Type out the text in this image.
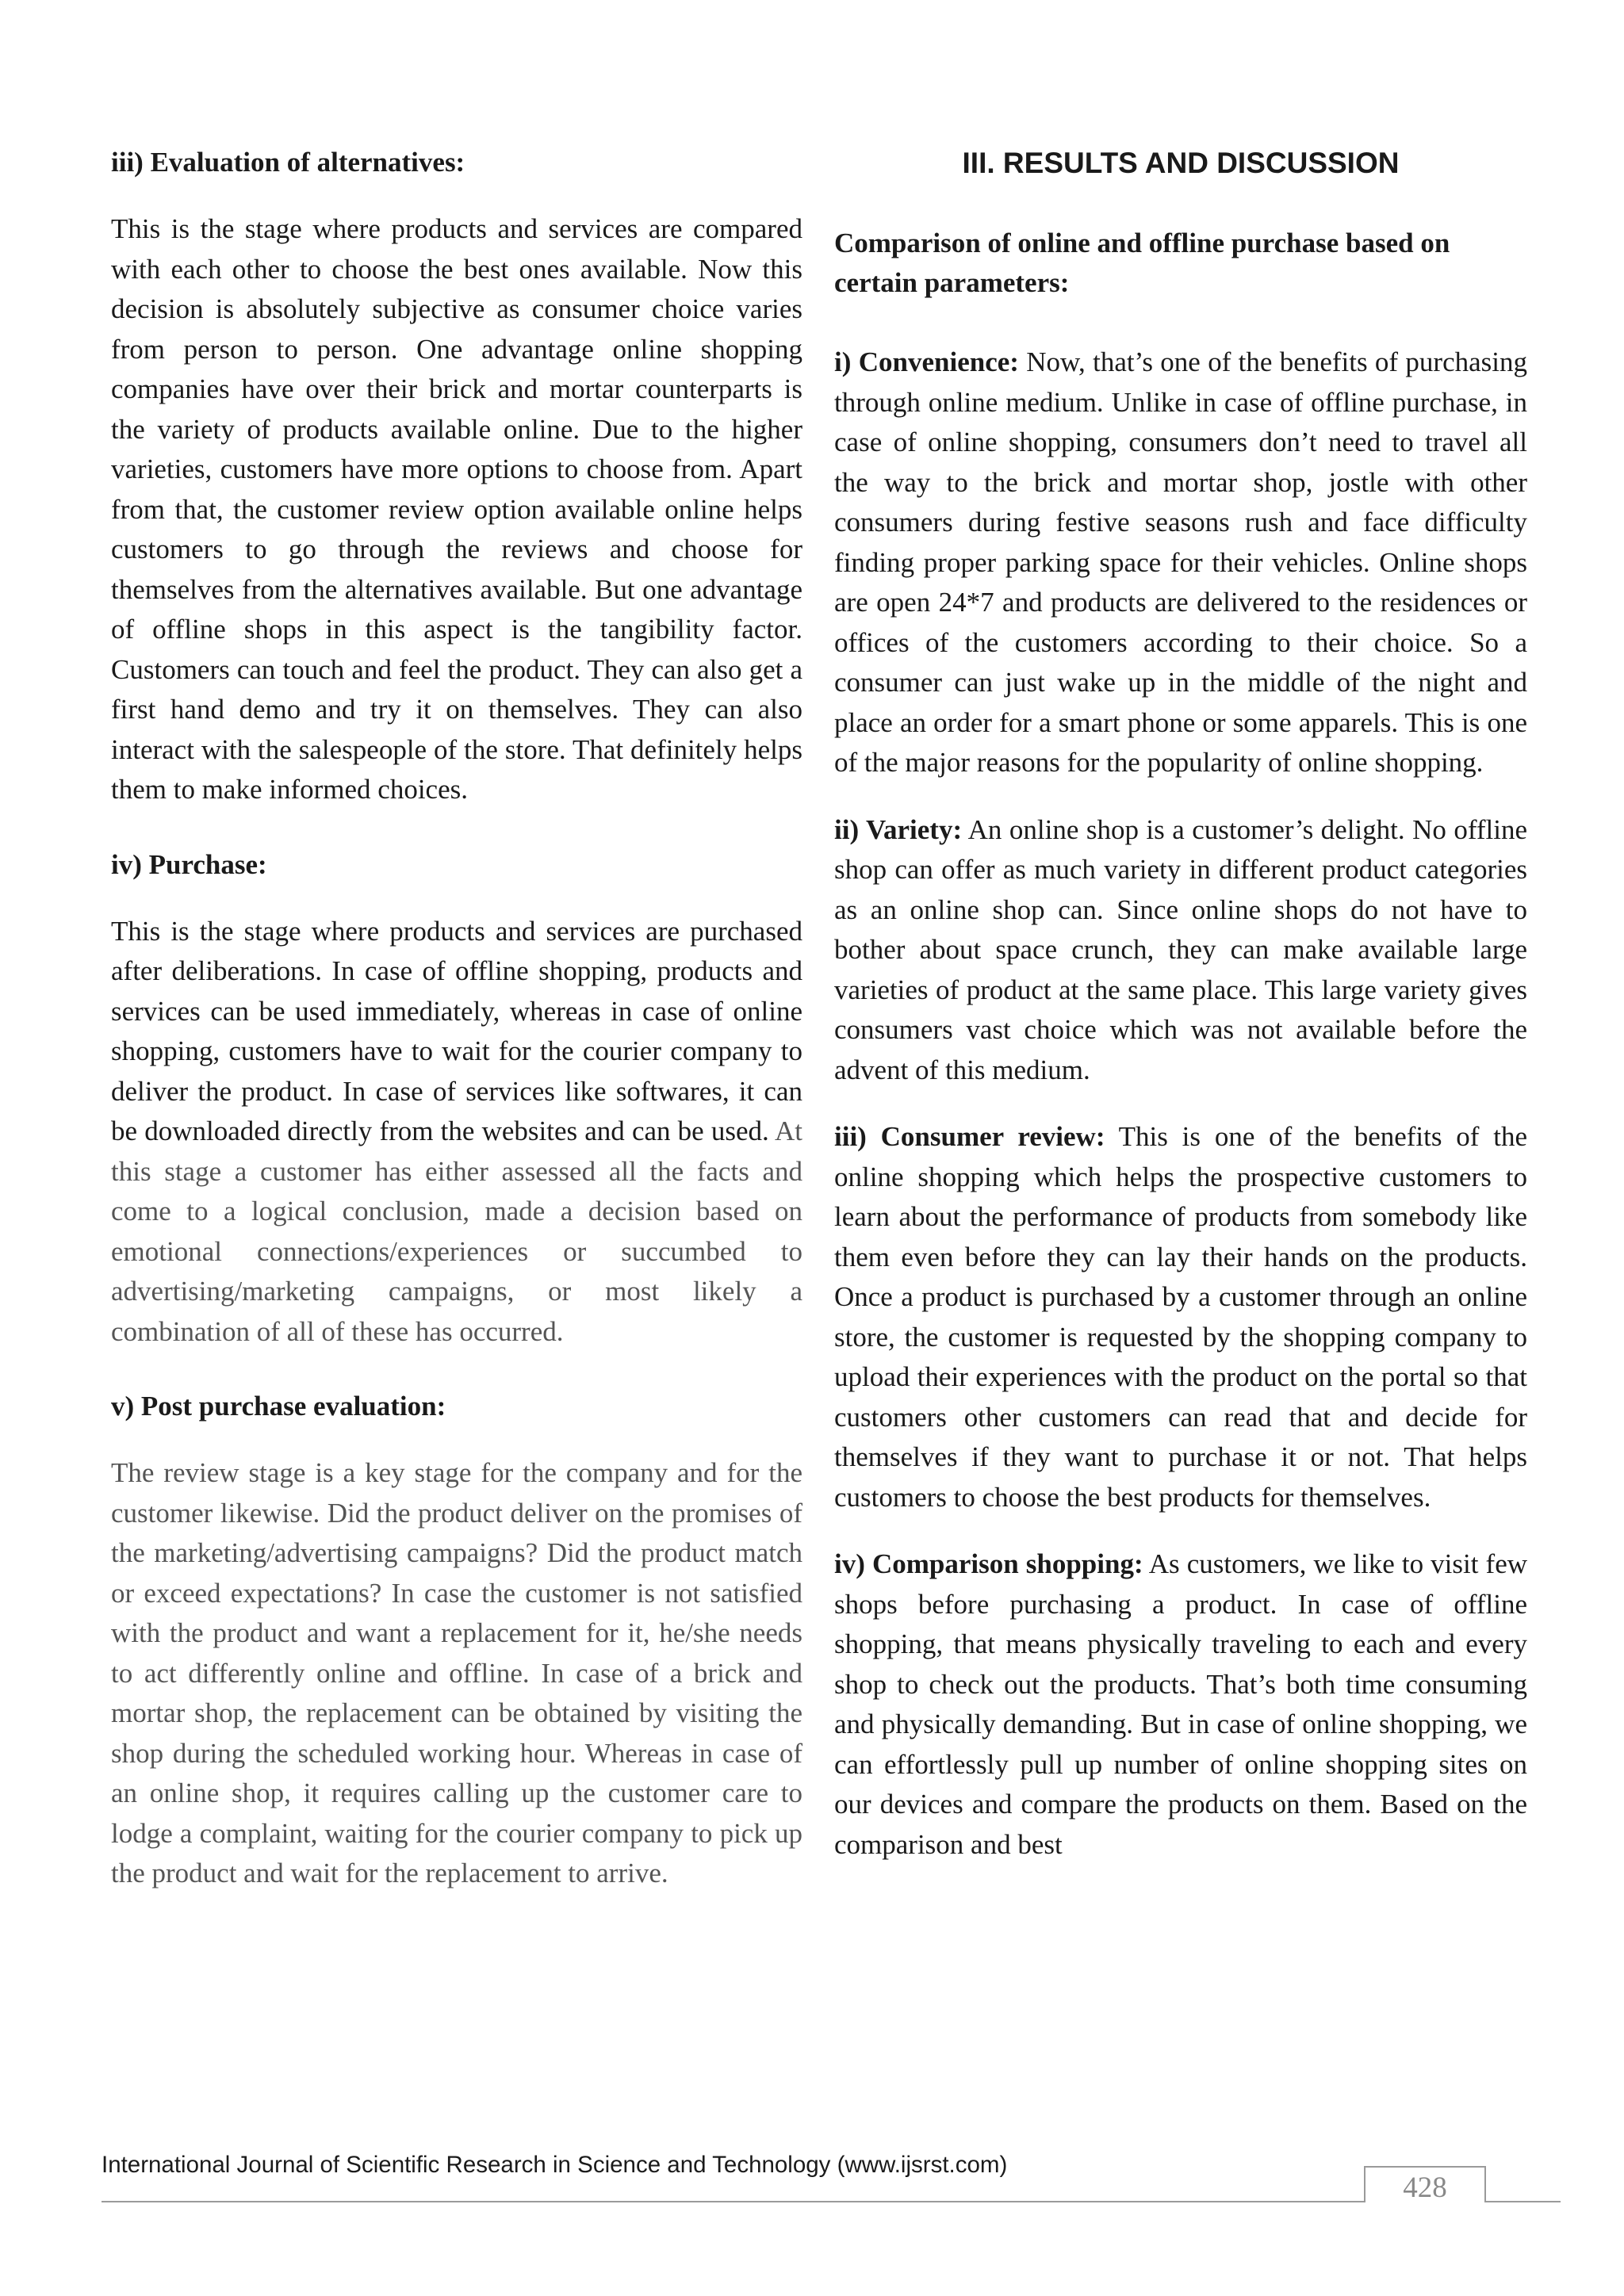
iii) Evaluation of alternatives:

This is the stage where products and services are compared with each other to choose the best ones available. Now this decision is absolutely subjective as consumer choice varies from person to person. One advantage online shopping companies have over their brick and mortar counterparts is the variety of products available online. Due to the higher varieties, customers have more options to choose from. Apart from that, the customer review option available online helps customers to go through the reviews and choose for themselves from the alternatives available. But one advantage of offline shops in this aspect is the tangibility factor. Customers can touch and feel the product. They can also get a first hand demo and try it on themselves. They can also interact with the salespeople of the store. That definitely helps them to make informed choices.

iv) Purchase:

This is the stage where products and services are purchased after deliberations. In case of offline shopping, products and services can be used immediately, whereas in case of online shopping, customers have to wait for the courier company to deliver the product. In case of services like softwares, it can be downloaded directly from the websites and can be used. At this stage a customer has either assessed all the facts and come to a logical conclusion, made a decision based on emotional connections/experiences or succumbed to advertising/marketing campaigns, or most likely a combination of all of these has occurred.

v) Post purchase evaluation:

The review stage is a key stage for the company and for the customer likewise. Did the product deliver on the promises of the marketing/advertising campaigns? Did the product match or exceed expectations? In case the customer is not satisfied with the product and want a replacement for it, he/she needs to act differently online and offline. In case of a brick and mortar shop, the replacement can be obtained by visiting the shop during the scheduled working hour. Whereas in case of an online shop, it requires calling up the customer care to lodge a complaint, waiting for the courier company to pick up the product and wait for the replacement to arrive.

III. RESULTS AND DISCUSSION

Comparison of online and offline purchase based on certain parameters:

i) Convenience: Now, that’s one of the benefits of purchasing through online medium. Unlike in case of offline purchase, in case of online shopping, consumers don’t need to travel all the way to the brick and mortar shop, jostle with other consumers during festive seasons rush and face difficulty finding proper parking space for their vehicles. Online shops are open 24*7 and products are delivered to the residences or offices of the customers according to their choice. So a consumer can just wake up in the middle of the night and place an order for a smart phone or some apparels. This is one of the major reasons for the popularity of online shopping.

ii) Variety: An online shop is a customer’s delight. No offline shop can offer as much variety in different product categories as an online shop can. Since online shops do not have to bother about space crunch, they can make available large varieties of product at the same place. This large variety gives consumers vast choice which was not available before the advent of this medium.

iii) Consumer review: This is one of the benefits of the online shopping which helps the prospective customers to learn about the performance of products from somebody like them even before they can lay their hands on the products. Once a product is purchased by a customer through an online store, the customer is requested by the shopping company to upload their experiences with the product on the portal so that customers other customers can read that and decide for themselves if they want to purchase it or not. That helps customers to choose the best products for themselves.

iv) Comparison shopping: As customers, we like to visit few shops before purchasing a product. In case of offline shopping, that means physically traveling to each and every shop to check out the products. That’s both time consuming and physically demanding. But in case of online shopping, we can effortlessly pull up number of online shopping sites on our devices and compare the products on them. Based on the comparison and best

International Journal of Scientific Research in Science and Technology (www.ijsrst.com)
428
